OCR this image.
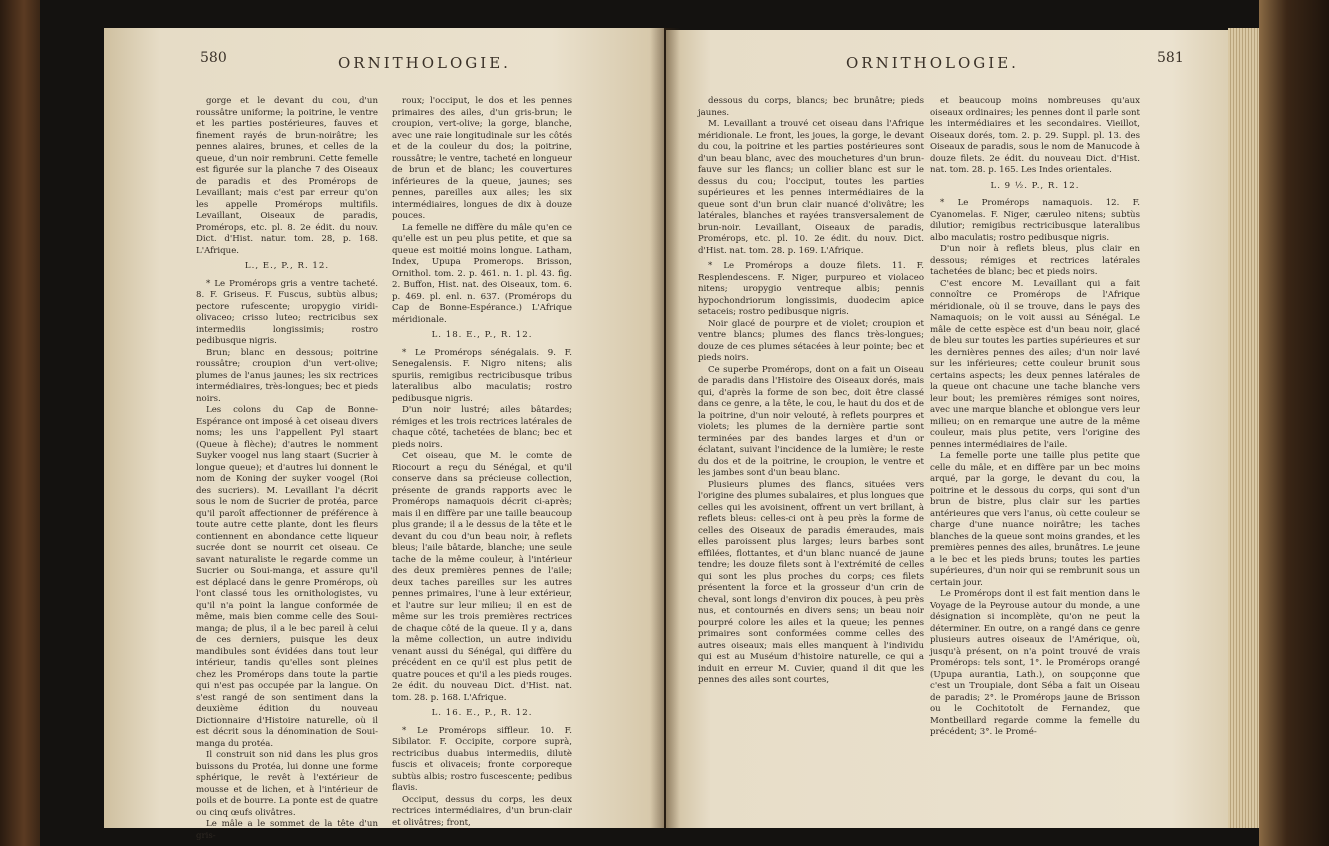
580	ORNITHOLOGIE.	ORNITHOLOGIE.	581

gorge et le devant du cou, d'un roussâtre uniforme; la poitrine, le ventre et les parties postérieures, fauves et finement rayés de brun-noirâtre; les pennes alaires, brunes, et celles de la queue, d'un noir rembruni. Cette femelle est figurée sur la planche 7 des Oiseaux de paradis et des Promérops de Levaillant; mais c'est par erreur qu'on les appelle Promérops multifils. Levaillant, Oiseaux de paradis, Promérops, etc. pl. 8. 2e édit. du nouv. Dict. d'Hist. natur. tom. 28, p. 168. L'Afrique.

L., E., P., R. 12.

* Le Promérops gris a ventre tacheté. 8. F. Griseus. F. Fuscus, subtùs albus; pectore rufescente; uropygio viridi-olivaceo; crisso luteo; rectricibus sex intermediis longissimis; rostro pedibusque nigris.

Brun; blanc en dessous; poitrine roussâtre; croupion d'un vert-olive; plumes de l'anus jaunes; les six rectrices intermédiaires, très-longues; bec et pieds noirs.

Les colons du Cap de Bonne-Espérance ont imposé à cet oiseau divers noms; les uns l'appellent Pyl staart (Queue à flèche); d'autres le nomment Suyker voogel nus lang staart (Sucrier à longue queue); et d'autres lui donnent le nom de Koning der suyker voogel (Roi des sucriers). M. Levaillant l'a décrit sous le nom de Sucrier de protéa, parce qu'il paroît affectionner de préférence à toute autre cette plante, dont les fleurs contiennent en abondance cette liqueur sucrée dont se nourrit cet oiseau. Ce savant naturaliste le regarde comme un Sucrier ou Soui-manga, et assure qu'il est déplacé dans le genre Promérops, où l'ont classé tous les ornithologistes, vu qu'il n'a point la langue conformée de même, mais bien comme celle des Soui-manga; de plus, il a le bec pareil à celui de ces derniers, puisque les deux mandibules sont évidées dans tout leur intérieur, tandis qu'elles sont pleines chez les Promérops dans toute la partie qui n'est pas occupée par la langue. On s'est rangé de son sentiment dans la deuxième édition du nouveau Dictionnaire d'Histoire naturelle, où il est décrit sous la dénomination de Soui-manga du protéa.

Il construit son nid dans les plus gros buissons du Protéa, lui donne une forme sphérique, le revêt à l'extérieur de mousse et de lichen, et à l'intérieur de poils et de bourre. La ponte est de quatre ou cinq œufs olivâtres.

Le mâle a le sommet de la tête d'un gris-

roux; l'occiput, le dos et les pennes primaires des ailes, d'un gris-brun; le croupion, vert-olive; la gorge, blanche, avec une raie longitudinale sur les côtés et de la couleur du dos; la poitrine, roussâtre; le ventre, tacheté en longueur de brun et de blanc; les couvertures inférieures de la queue, jaunes; ses pennes, pareilles aux ailes; les six intermédiaires, longues de dix à douze pouces.

La femelle ne diffère du mâle qu'en ce qu'elle est un peu plus petite, et que sa queue est moitié moins longue. Latham, Index, Upupa Promerops. Brisson, Ornithol. tom. 2. p. 461. n. 1. pl. 43. fig. 2. Buffon, Hist. nat. des Oiseaux, tom. 6. p. 469. pl. enl. n. 637. (Promérops du Cap de Bonne-Espérance.) L'Afrique méridionale.

L. 18. E., P., R. 12.

* Le Promérops sénégalais. 9. F. Senegalensis. F. Nigro nitens; alis spuriis, remigibus rectricibusque tribus lateralibus albo maculatis; rostro pedibusque nigris.

D'un noir lustré; ailes bâtardes; rémiges et les trois rectrices latérales de chaque côté, tachetées de blanc; bec et pieds noirs.

Cet oiseau, que M. le comte de Riocourt a reçu du Sénégal, et qu'il conserve dans sa précieuse collection, présente de grands rapports avec le Promérops namaquois décrit ci-après; mais il en diffère par une taille beaucoup plus grande; il a le dessus de la tête et le devant du cou d'un beau noir, à reflets bleus; l'aile bâtarde, blanche; une seule tache de la même couleur, à l'intérieur des deux premières pennes de l'aile; deux taches pareilles sur les autres pennes primaires, l'une à leur extérieur, et l'autre sur leur milieu; il en est de même sur les trois premières rectrices de chaque côté de la queue. Il y a, dans la même collection, un autre individu venant aussi du Sénégal, qui diffère du précédent en ce qu'il est plus petit de quatre pouces et qu'il a les pieds rouges. 2e édit. du nouveau Dict. d'Hist. nat. tom. 28. p. 168. L'Afrique.

L. 16. E., P., R. 12.

* Le Promérops siffleur. 10. F. Sibilator. F. Occipite, corpore suprà, rectricibus duabus intermediis, dilutè fuscis et olivaceis; fronte corporeque subtùs albis; rostro fuscescente; pedibus flavis.

Occiput, dessus du corps, les deux rectrices intermédiaires, d'un brun-clair et olivâtres; front,

dessous du corps, blancs; bec brunâtre; pieds jaunes.

M. Levaillant a trouvé cet oiseau dans l'Afrique méridionale. Le front, les joues, la gorge, le devant du cou, la poitrine et les parties postérieures sont d'un beau blanc, avec des mouchetures d'un brun-fauve sur les flancs; un collier blanc est sur le dessus du cou; l'occiput, toutes les parties supérieures et les pennes intermédiaires de la queue sont d'un brun clair nuancé d'olivâtre; les latérales, blanches et rayées transversalement de brun-noir. Levaillant, Oiseaux de paradis, Promérops, etc. pl. 10. 2e édit. du nouv. Dict. d'Hist. nat. tom. 28. p. 169. L'Afrique.

* Le Promérops a douze filets. 11. F. Resplendescens. F. Niger, purpureo et violaceo nitens; uropygio ventreque albis; pennis hypochondriorum longissimis, duodecim apice setaceis; rostro pedibusque nigris.

Noir glacé de pourpre et de violet; croupion et ventre blancs; plumes des flancs très-longues; douze de ces plumes sétacées à leur pointe; bec et pieds noirs.

Ce superbe Promérops, dont on a fait un Oiseau de paradis dans l'Histoire des Oiseaux dorés, mais qui, d'après la forme de son bec, doit être classé dans ce genre, a la tête, le cou, le haut du dos et de la poitrine, d'un noir velouté, à reflets pourpres et violets; les plumes de la dernière partie sont terminées par des bandes larges et d'un or éclatant, suivant l'incidence de la lumière; le reste du dos et de la poitrine, le croupion, le ventre et les jambes sont d'un beau blanc.

Plusieurs plumes des flancs, situées vers l'origine des plumes subalaires, et plus longues que celles qui les avoisinent, offrent un vert brillant, à reflets bleus: celles-ci ont à peu près la forme de celles des Oiseaux de paradis émeraudes, mais elles paroissent plus larges; leurs barbes sont effilées, flottantes, et d'un blanc nuancé de jaune tendre; les douze filets sont à l'extrémité de celles qui sont les plus proches du corps; ces filets présentent la force et la grosseur d'un crin de cheval, sont longs d'environ dix pouces, à peu près nus, et contournés en divers sens; un beau noir pourpré colore les ailes et la queue; les pennes primaires sont conformées comme celles des autres oiseaux; mais elles manquent à l'individu qui est au Muséum d'histoire naturelle, ce qui a induit en erreur M. Cuvier, quand il dit que les pennes des ailes sont courtes,

et beaucoup moins nombreuses qu'aux oiseaux ordinaires; les pennes dont il parle sont les intermédiaires et les secondaires. Vieillot, Oiseaux dorés, tom. 2. p. 29. Suppl. pl. 13. des Oiseaux de paradis, sous le nom de Manucode à douze filets. 2e édit. du nouveau Dict. d'Hist. nat. tom. 28. p. 165. Les Indes orientales.

L. 9 ½. P., R. 12.

* Le Promérops namaquois. 12. F. Cyanomelas. F. Niger, cæruleo nitens; subtùs dilutior; remigibus rectricibusque lateralibus albo maculatis; rostro pedibusque nigris.

D'un noir à reflets bleus, plus clair en dessous; rémiges et rectrices latérales tachetées de blanc; bec et pieds noirs.

C'est encore M. Levaillant qui a fait connoître ce Promérops de l'Afrique méridionale, où il se trouve, dans le pays des Namaquois; on le voit aussi au Sénégal. Le mâle de cette espèce est d'un beau noir, glacé de bleu sur toutes les parties supérieures et sur les dernières pennes des ailes; d'un noir lavé sur les inférieures; cette couleur brunit sous certains aspects; les deux pennes latérales de la queue ont chacune une tache blanche vers leur bout; les premières rémiges sont noires, avec une marque blanche et oblongue vers leur milieu; on en remarque une autre de la même couleur, mais plus petite, vers l'origine des pennes intermédiaires de l'aile.

La femelle porte une taille plus petite que celle du mâle, et en diffère par un bec moins arqué, par la gorge, le devant du cou, la poitrine et le dessous du corps, qui sont d'un brun de bistre, plus clair sur les parties antérieures que vers l'anus, où cette couleur se charge d'une nuance noirâtre; les taches blanches de la queue sont moins grandes, et les premières pennes des ailes, brunâtres. Le jeune a le bec et les pieds bruns; toutes les parties supérieures, d'un noir qui se rembrunit sous un certain jour.

Le Promérops dont il est fait mention dans le Voyage de la Peyrouse autour du monde, a une désignation si incomplète, qu'on ne peut la déterminer. En outre, on a rangé dans ce genre plusieurs autres oiseaux de l'Amérique, où, jusqu'à présent, on n'a point trouvé de vrais Promérops: tels sont, 1°. le Promérops orangé (Upupa aurantia, Lath.), on soupçonne que c'est un Troupiale, dont Séba a fait un Oiseau de paradis; 2°. le Promérops jaune de Brisson ou le Cochitotolt de Fernandez, que Montbeillard regarde comme la femelle du précédent; 3°. le Promé-
